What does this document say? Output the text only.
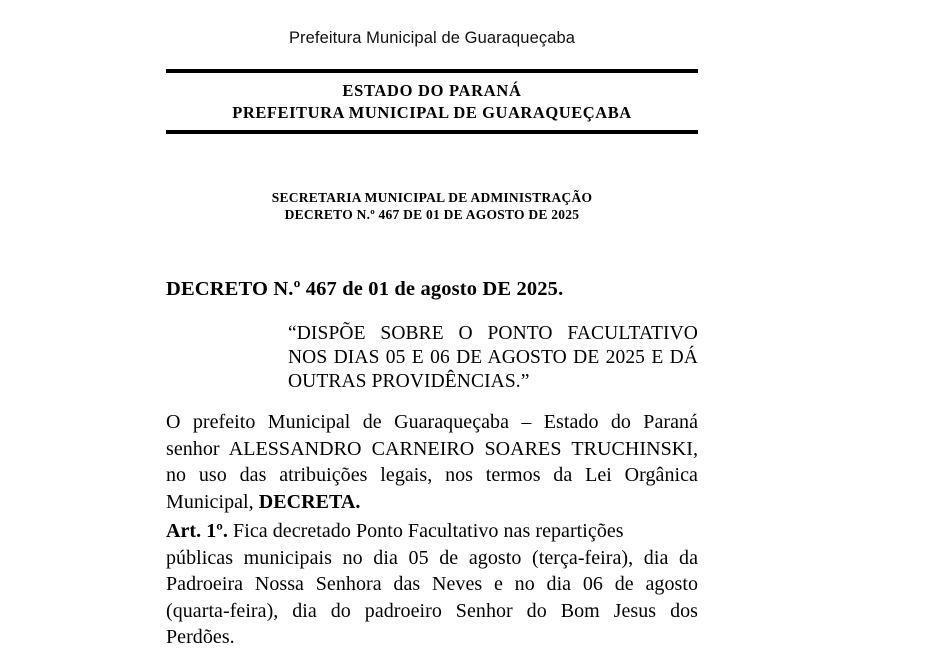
Prefeitura Municipal de Guaraqueçaba
ESTADO DO PARANÁ
PREFEITURA MUNICIPAL DE GUARAQUEÇABA
SECRETARIA MUNICIPAL DE ADMINISTRAÇÃO
DECRETO N.º 467 DE 01 DE AGOSTO DE 2025
DECRETO N.º 467 de 01 de agosto DE 2025.
“DISPÕE SOBRE O PONTO FACULTATIVO NOS DIAS 05 E 06 DE AGOSTO DE 2025 E DÁ OUTRAS PROVIDÊNCIAS.”

O prefeito Municipal de Guaraqueçaba – Estado do Paraná senhor ALESSANDRO CARNEIRO SOARES TRUCHINSKI, no uso das atribuições legais, nos termos da Lei Orgânica Municipal, DECRETA.

Art. 1º. Fica decretado Ponto Facultativo nas repartições
públicas municipais no dia 05 de agosto (terça-feira), dia da Padroeira Nossa Senhora das Neves e no dia 06 de agosto (quarta-feira), dia do padroeiro Senhor do Bom Jesus dos Perdões.
